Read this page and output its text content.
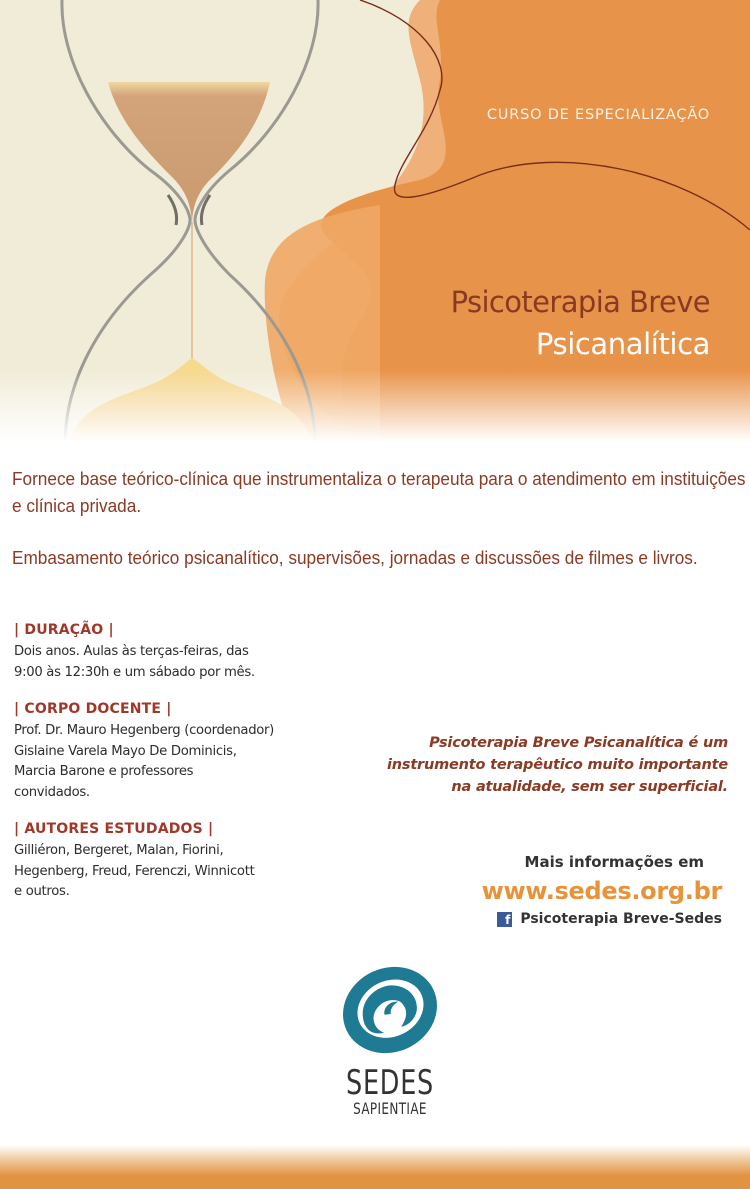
CURSO DE ESPECIALIZAÇÃO
Psicoterapia Breve
Psicanalítica

Fornece base teórico-clínica que instrumentaliza o terapeuta para o atendimento em instituições e clínica privada.

Embasamento teórico psicanalítico, supervisões, jornadas e discussões de filmes e livros.

| DURAÇÃO |
Dois anos. Aulas às terças-feiras, das
9:00 às 12:30h e um sábado por mês.
| CORPO DOCENTE |
Prof. Dr. Mauro Hegenberg (coordenador)
Gislaine Varela Mayo De Dominicis,
Marcia Barone e professores
convidados.
| AUTORES ESTUDADOS |
Gilliéron, Bergeret, Malan, Fiorini,
Hegenberg, Freud, Ferenczi, Winnicott
e outros.
Psicoterapia Breve Psicanalítica é um
instrumento terapêutico muito importante
na atualidade, sem ser superficial.
Mais informações em
www.sedes.org.br
f Psicoterapia Breve-Sedes
SEDES
SAPIENTIAE
